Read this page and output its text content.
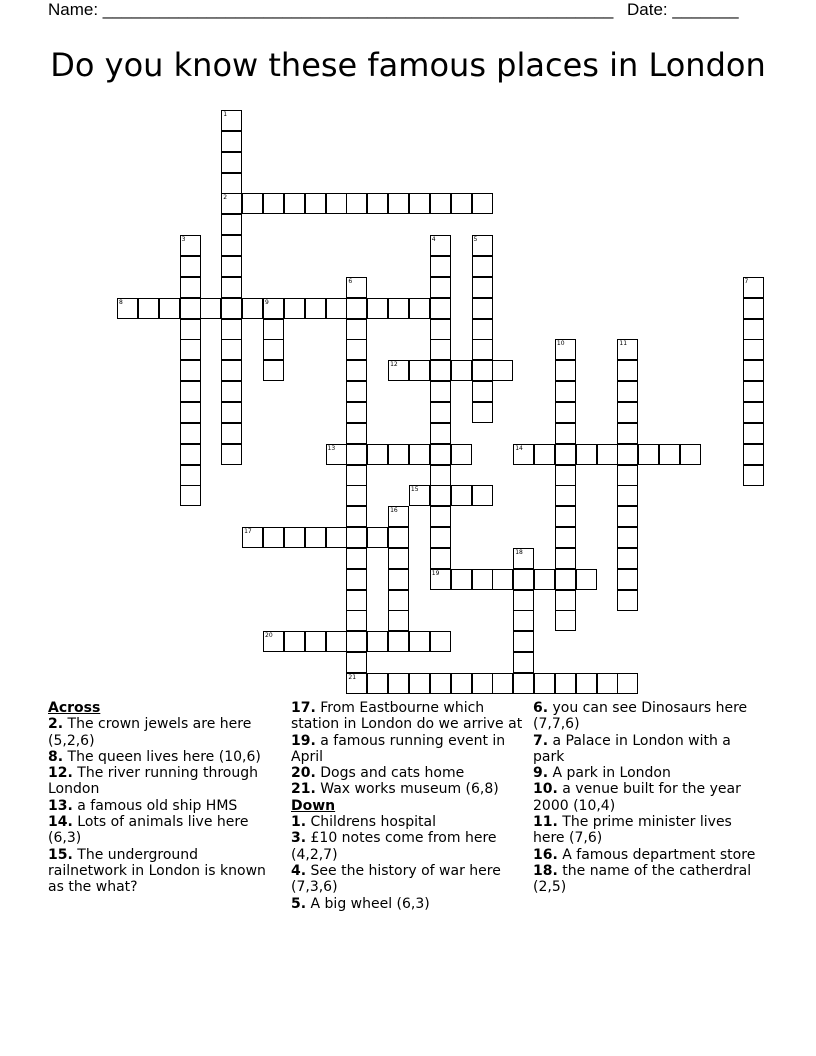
Name: ______________________________________________________ Date: _______
Do you know these famous places in London
1
2
3	4	5
6
21
7
8	9
10	11
12
13	14
15
16
17
18
19
20
Across
2. The crown jewels are here (5,2,6)
8. The queen lives here (10,6)
12. The river running through London
13. a famous old ship HMS
14. Lots of animals live here (6,3)
15. The underground railnetwork in London is known as the what?
17. From Eastbourne which station in London do we arrive at
19. a famous running event in April
20. Dogs and cats home
21. Wax works museum (6,8)
Down
1. Childrens hospital
3. £10 notes come from here (4,2,7)
4. See the history of war here (7,3,6)
5. A big wheel (6,3)
6. you can see Dinosaurs here (7,7,6)
7. a Palace in London with a park
9. A park in London
10. a venue built for the year 2000 (10,4)
11. The prime minister lives here (7,6)
16. A famous department store
18. the name of the catherdral (2,5)
